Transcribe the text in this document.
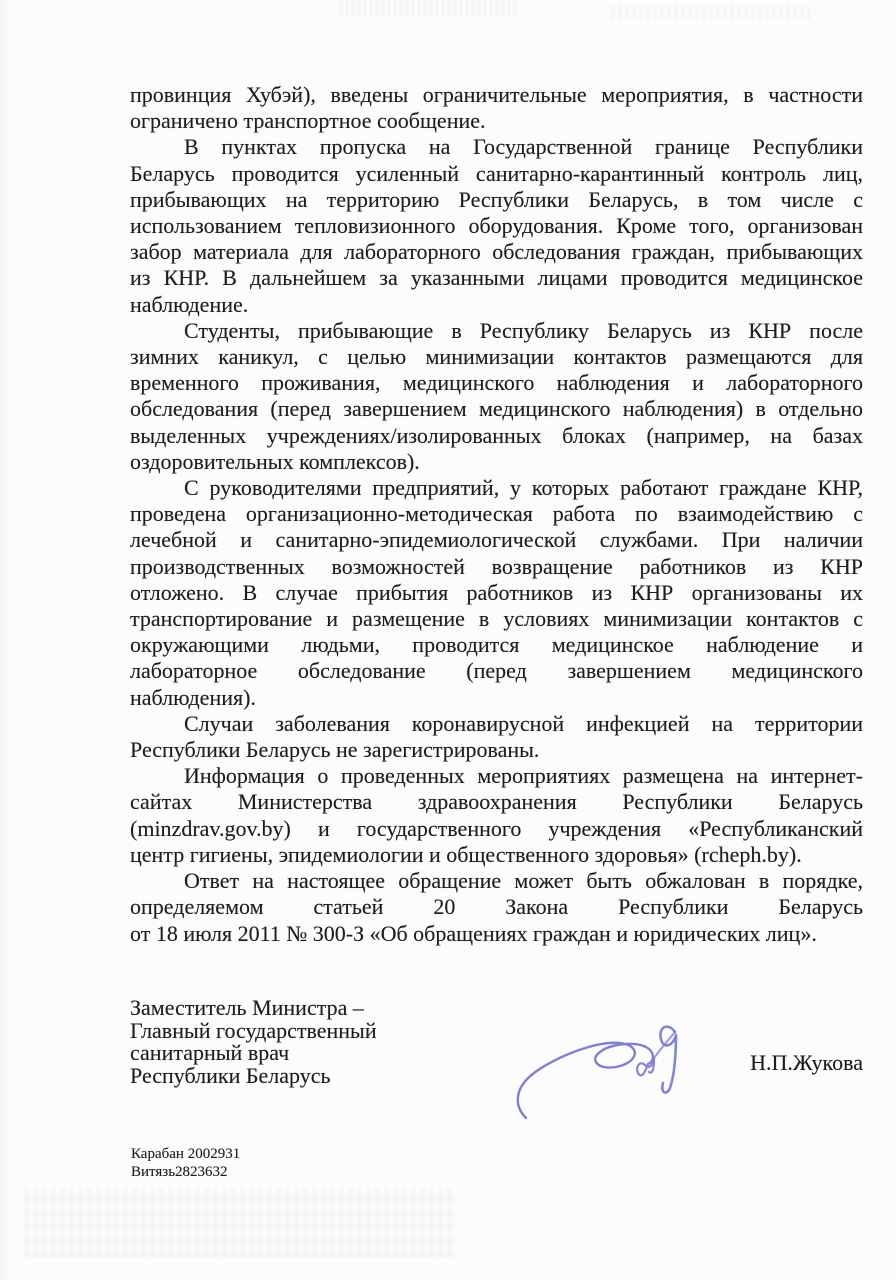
провинция Хубэй), введены ограничительные мероприятия, в частности
ограничено транспортное сообщение.
В пунктах пропуска на Государственной границе Республики
Беларусь проводится усиленный санитарно-карантинный контроль лиц,
прибывающих на территорию Республики Беларусь, в том числе с
использованием тепловизионного оборудования. Кроме того, организован
забор материала для лабораторного обследования граждан, прибывающих
из КНР. В дальнейшем за указанными лицами проводится медицинское
наблюдение.
Студенты, прибывающие в Республику Беларусь из КНР после
зимних каникул, с целью минимизации контактов размещаются для
временного проживания, медицинского наблюдения и лабораторного
обследования (перед завершением медицинского наблюдения) в отдельно
выделенных учреждениях/изолированных блоках (например, на базах
оздоровительных комплексов).
С руководителями предприятий, у которых работают граждане КНР,
проведена организационно-методическая работа по взаимодействию с
лечебной и санитарно-эпидемиологической службами. При наличии
производственных возможностей возвращение работников из КНР
отложено. В случае прибытия работников из КНР организованы их
транспортирование и размещение в условиях минимизации контактов с
окружающими людьми, проводится медицинское наблюдение и
лабораторное обследование (перед завершением медицинского
наблюдения).
Случаи заболевания коронавирусной инфекцией на территории
Республики Беларусь не зарегистрированы.
Информация о проведенных мероприятиях размещена на интернет-
сайтах Министерства здравоохранения Республики Беларусь
(minzdrav.gov.by) и государственного учреждения «Республиканский
центр гигиены, эпидемиологии и общественного здоровья» (rcheph.by).
Ответ на настоящее обращение может быть обжалован в порядке,
определяемом статьей 20 Закона Республики Беларусь
от 18 июля 2011 № 300-З «Об обращениях граждан и юридических лиц».
Заместитель Министра –
Главный государственный
санитарный врач
Республики Беларусь	Н.П.Жукова
Карабан 2002931
Витязь2823632
